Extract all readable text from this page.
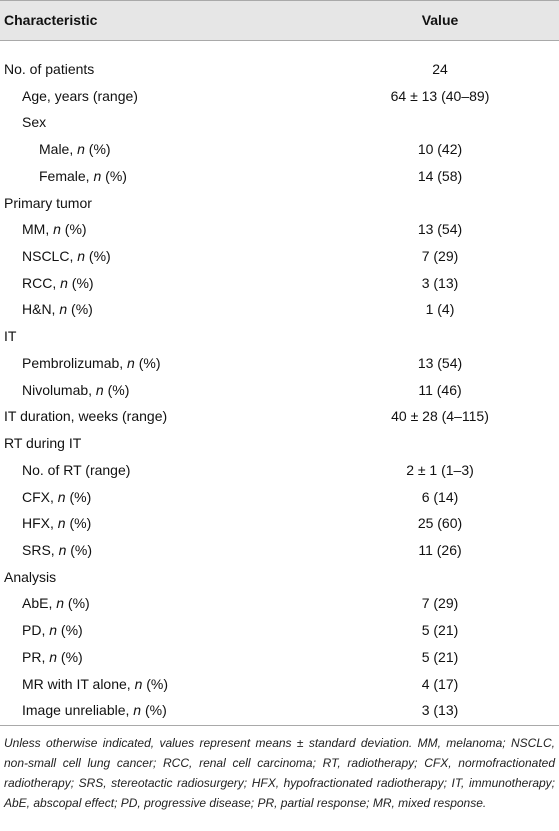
Characteristic	Value
No. of patients	24
Age, years (range)	64 ± 13 (40–89)
Sex
Male, n (%)	10 (42)
Female, n (%)	14 (58)
Primary tumor
MM, n (%)	13 (54)
NSCLC, n (%)	7 (29)
RCC, n (%)	3 (13)
H&N, n (%)	1 (4)
IT
Pembrolizumab, n (%)	13 (54)
Nivolumab, n (%)	11 (46)
IT duration, weeks (range)	40 ± 28 (4–115)
RT during IT
No. of RT (range)	2 ± 1 (1–3)
CFX, n (%)	6 (14)
HFX, n (%)	25 (60)
SRS, n (%)	11 (26)
Analysis
AbE, n (%)	7 (29)
PD, n (%)	5 (21)
PR, n (%)	5 (21)
MR with IT alone, n (%)	4 (17)
Image unreliable, n (%)	3 (13)
Unless otherwise indicated, values represent means ± standard deviation. MM, melanoma; NSCLC, non-small cell lung cancer; RCC, renal cell carcinoma; RT, radiotherapy; CFX, normofractionated radiotherapy; SRS, stereotactic radiosurgery; HFX, hypofractionated radiotherapy; IT, immunotherapy; AbE, abscopal effect; PD, progressive disease; PR, partial response; MR, mixed response.
